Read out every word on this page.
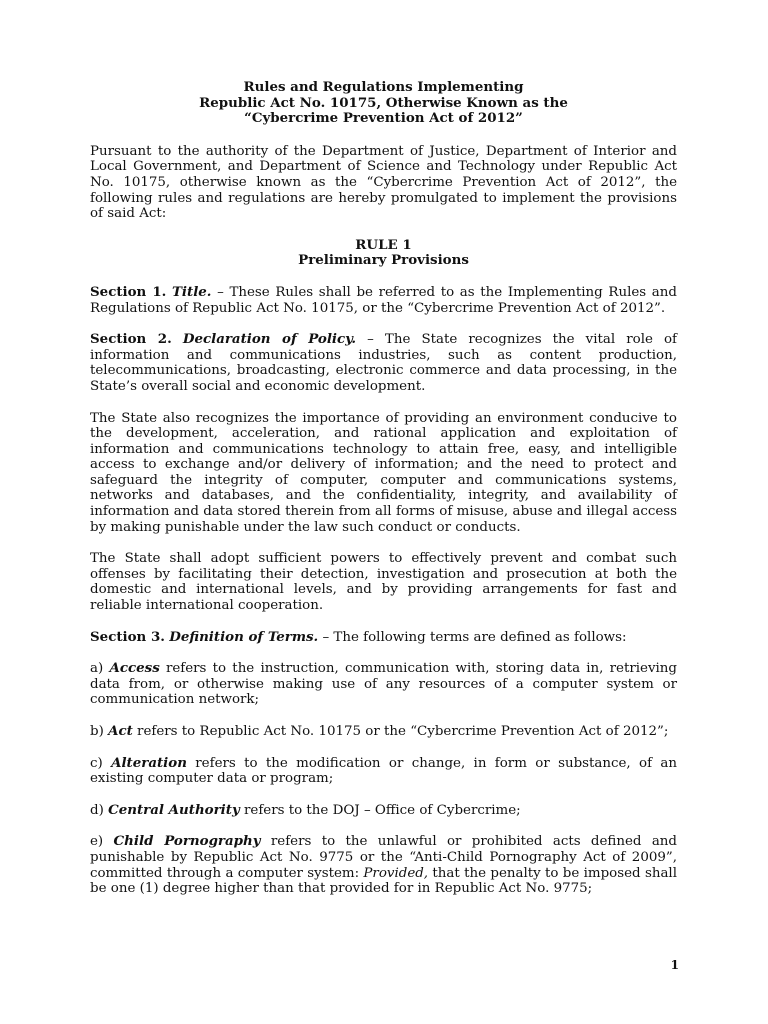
Rules and Regulations Implementing

Republic Act No. 10175, Otherwise Known as the

“Cybercrime Prevention Act of 2012”

Pursuant to the authority of the Department of Justice, Department of Interior and Local Government, and Department of Science and Technology under Republic Act No. 10175, otherwise known as the “Cybercrime Prevention Act of 2012”, the following rules and regulations are hereby promulgated to implement the provisions of said Act:

RULE 1

Preliminary Provisions

Section 1. Title. – These Rules shall be referred to as the Implementing Rules and Regulations of Republic Act No. 10175, or the “Cybercrime Prevention Act of 2012”.

Section 2. Declaration of Policy. – The State recognizes the vital role of information and communications industries, such as content production, telecommunications, broadcasting, electronic commerce and data processing, in the State’s overall social and economic development.

The State also recognizes the importance of providing an environment conducive to the development, acceleration, and rational application and exploitation of information and communications technology to attain free, easy, and intelligible access to exchange and/or delivery of information; and the need to protect and safeguard the integrity of computer, computer and communications systems, networks and databases, and the confidentiality, integrity, and availability of information and data stored therein from all forms of misuse, abuse and illegal access by making punishable under the law such conduct or conducts.

The State shall adopt sufficient powers to effectively prevent and combat such offenses by facilitating their detection, investigation and prosecution at both the domestic and international levels, and by providing arrangements for fast and reliable international cooperation.

Section 3. Definition of Terms. – The following terms are defined as follows:

a) Access refers to the instruction, communication with, storing data in, retrieving data from, or otherwise making use of any resources of a computer system or communication network;

b) Act refers to Republic Act No. 10175 or the “Cybercrime Prevention Act of 2012”;

c) Alteration refers to the modification or change, in form or substance, of an existing computer data or program;

d) Central Authority refers to the DOJ – Office of Cybercrime;

e) Child Pornography refers to the unlawful or prohibited acts defined and punishable by Republic Act No. 9775 or the “Anti-Child Pornography Act of 2009”, committed through a computer system: Provided, that the penalty to be imposed shall be one (1) degree higher than that provided for in Republic Act No. 9775;

1
